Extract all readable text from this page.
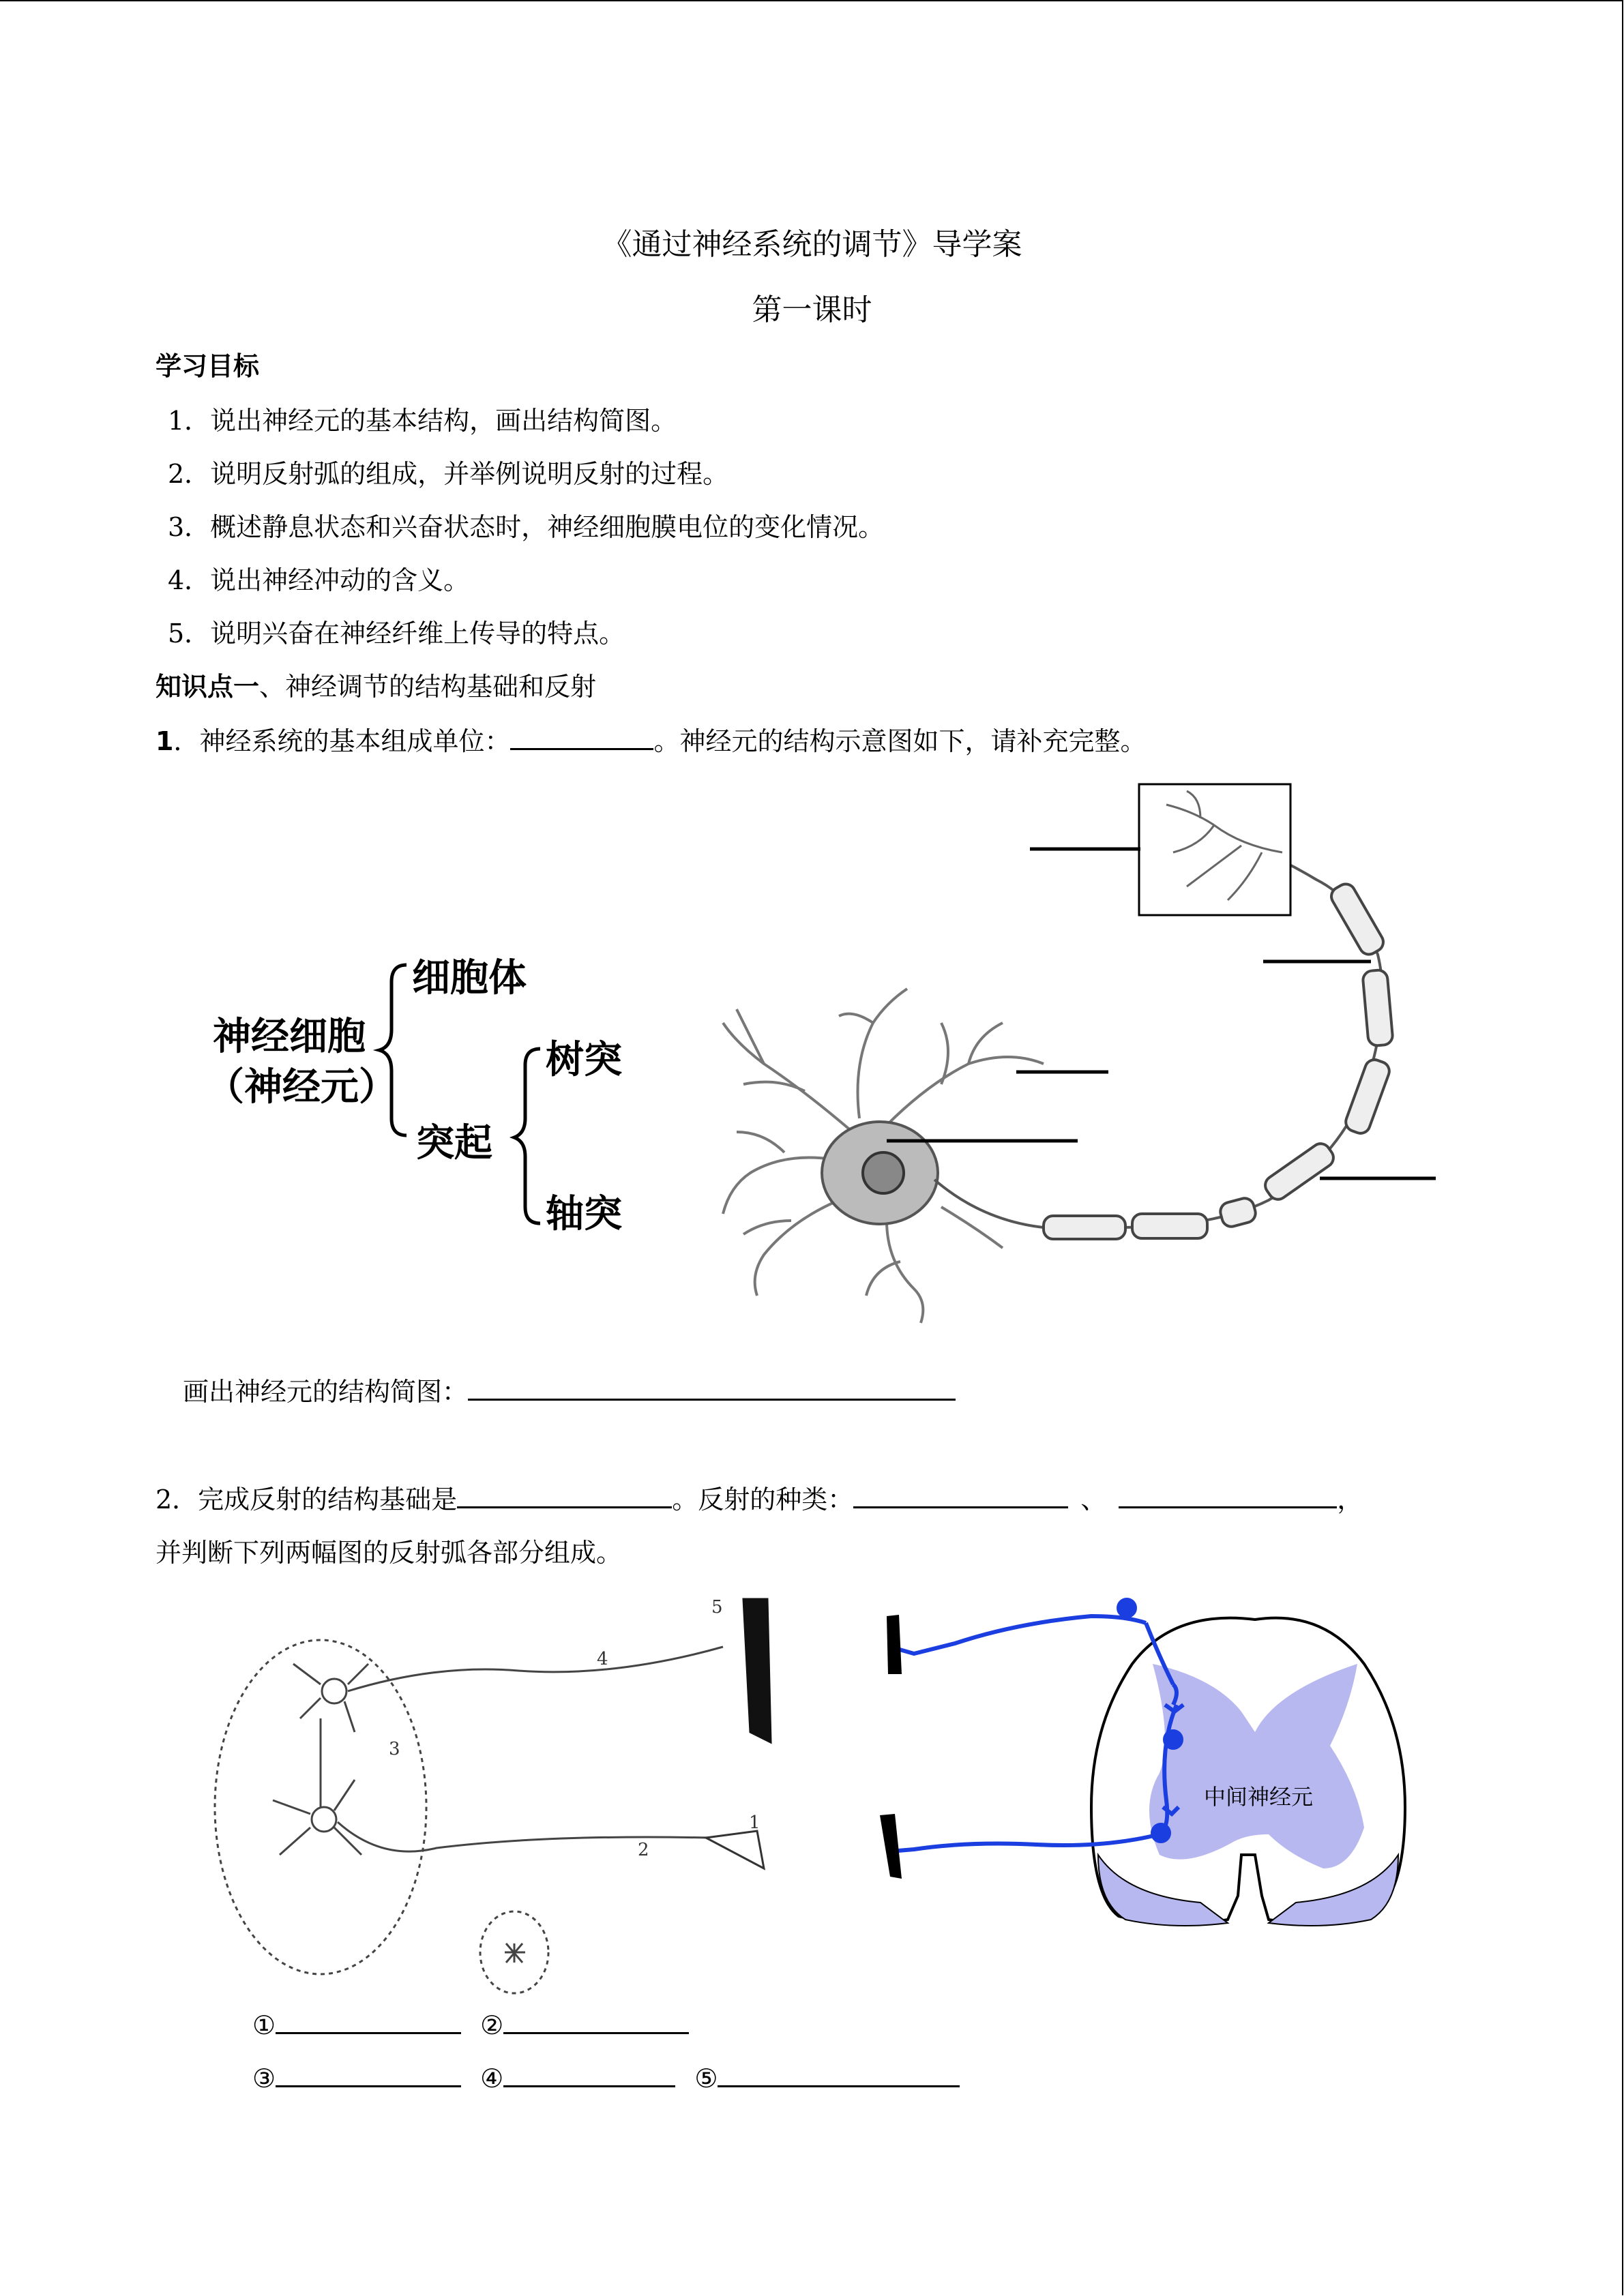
《通过神经系统的调节》导学案
第一课时
学习目标
1．说出神经元的基本结构，画出结构简图。
2．说明反射弧的组成，并举例说明反射的过程。
3．概述静息状态和兴奋状态时，神经细胞膜电位的变化情况。
4．说出神经冲动的含义。
5．说明兴奋在神经纤维上传导的特点。
知识点一、神经调节的结构基础和反射
1．神经系统的基本组成单位：	。神经元的结构示意图如下，请补充完整。
神经细胞
（神经元）
细胞体
突起
树突
轴突
5
4
3
2
1
中间神经元
画出神经元的结构简图：
2．完成反射的结构基础是	。反射的种类：	、	，
并判断下列两幅图的反射弧各部分组成。
①	②
③	④	⑤
